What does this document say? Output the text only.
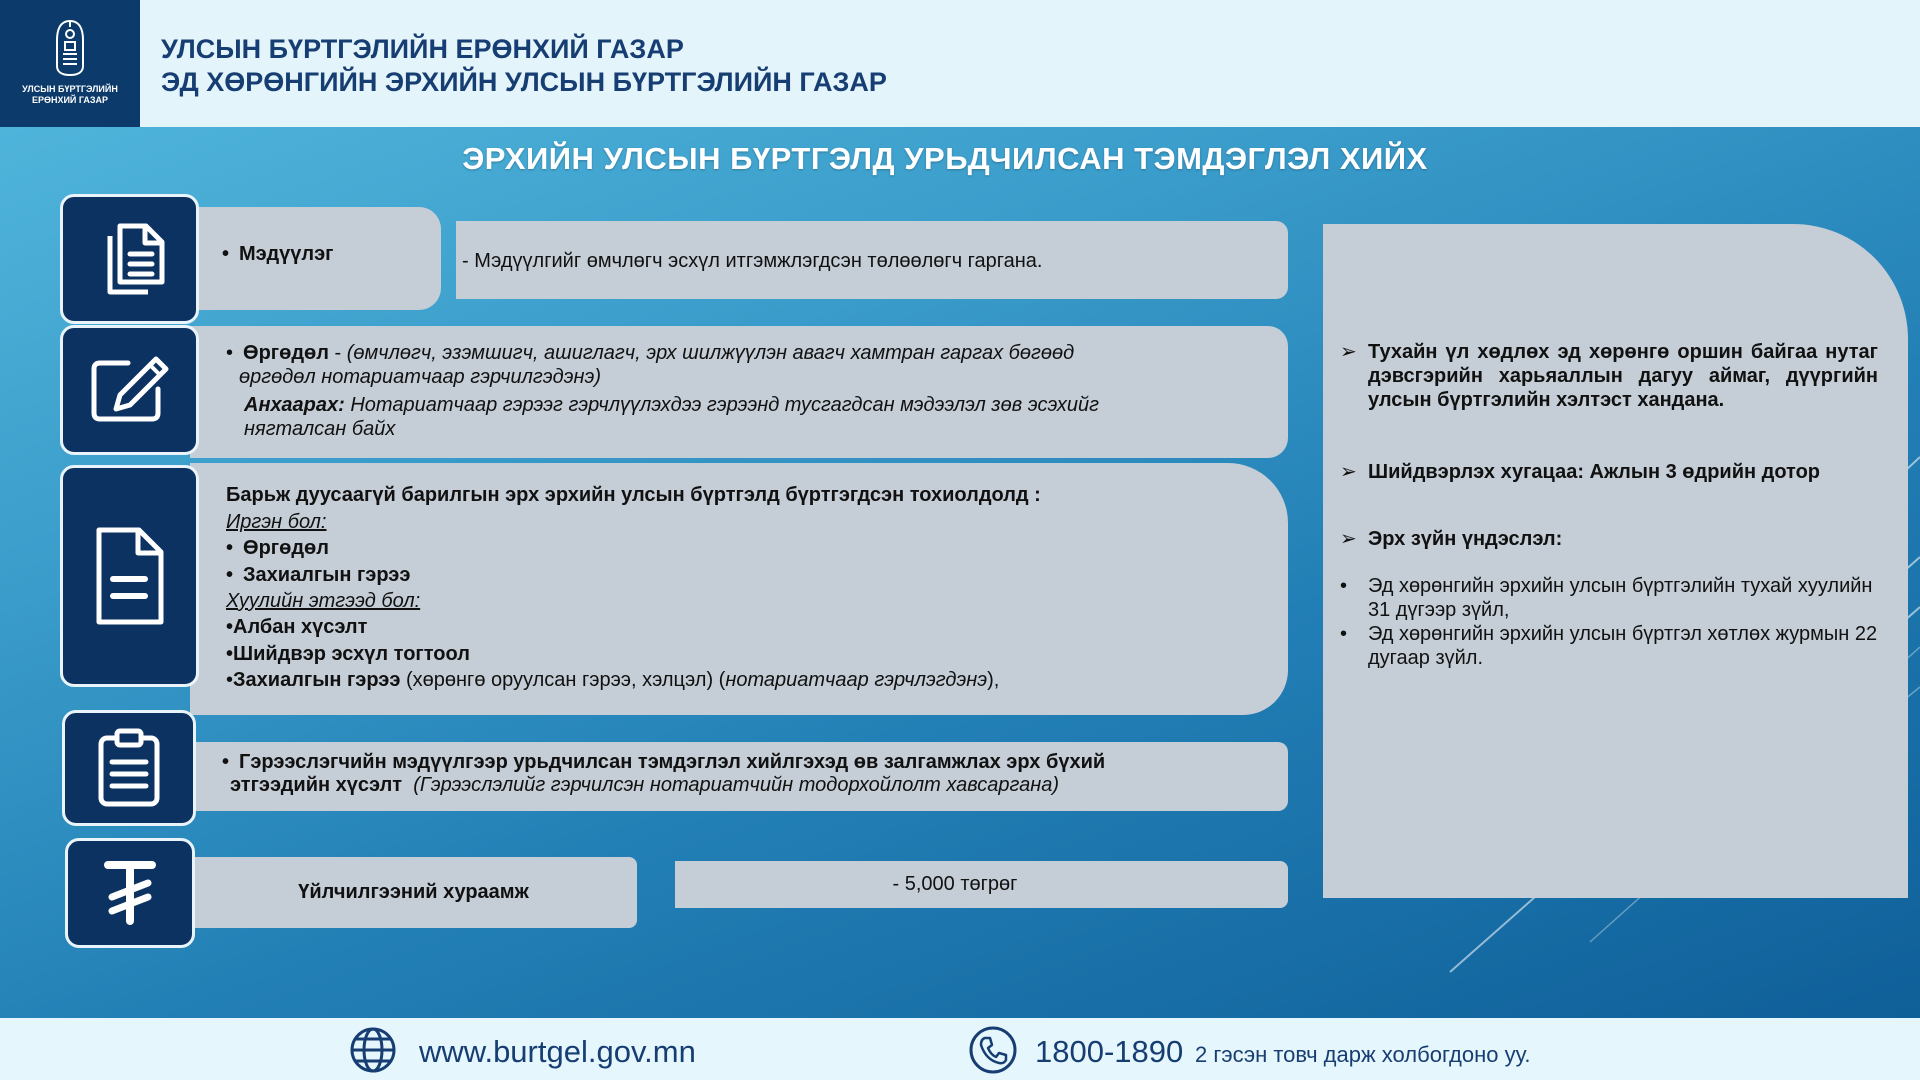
УЛСЫН БҮРТГЭЛИЙН
ЕРӨНХИЙ ГАЗАР
УЛСЫН БҮРТГЭЛИЙН ЕРӨНХИЙ ГАЗАР
ЭД ХӨРӨНГИЙН ЭРХИЙН УЛСЫН БҮРТГЭЛИЙН ГАЗАР
ЭРХИЙН УЛСЫН БҮРТГЭЛД УРЬДЧИЛСАН ТЭМДЭГЛЭЛ ХИЙХ
• Мэдүүлэг	- Мэдүүлгийг өмчлөгч эсхүл итгэмжлэгдсэн төлөөлөгч гаргана.
• Өргөдөл - (өмчлөгч, эзэмшигч, ашиглагч, эрх шилжүүлэн авагч хамтран гаргах бөгөөд
өргөдөл нотариатчаар гэрчилгэдэнэ)
Анхаарах: Нотариатчаар гэрээг гэрчлүүлэхдээ гэрээнд тусгагдсан мэдээлэл зөв эсэхийг
нягталсан байх
Барьж дуусаагүй барилгын эрх эрхийн улсын бүртгэлд бүртгэгдсэн тохиолдолд :
Иргэн бол:
• Өргөдөл
• Захиалгын гэрээ
Хуулийн этгээд бол:
•Албан хүсэлт
•Шийдвэр эсхүл тогтоол
•Захиалгын гэрээ (хөрөнгө оруулсан гэрээ, хэлцэл) (нотариатчаар гэрчлэгдэнэ),
• Гэрээслэгчийн мэдүүлгээр урьдчилсан тэмдэглэл хийлгэхэд өв залгамжлах эрх бүхий
этгээдийн хүсэлт (Гэрээслэлийг гэрчилсэн нотариатчийн тодорхойлолт хавсаргана)
Үйлчилгээний хураамж	- 5,000 төгрөг
➢ Тухайн үл хөдлөх эд хөрөнгө оршин байгаа нутаг дэвсгэрийн харьяаллын дагуу аймаг, дүүргийн улсын бүртгэлийн хэлтэст хандана.
➢ Шийдвэрлэх хугацаа: Ажлын 3 өдрийн дотор
➢ Эрх зүйн үндэслэл:
• Эд хөрөнгийн эрхийн улсын бүртгэлийн тухай хуулийн 31 дүгээр зүйл,
• Эд хөрөнгийн эрхийн улсын бүртгэл хөтлөх журмын 22 дугаар зүйл.
www.burtgel.gov.mn	1800-1890 2 гэсэн товч дарж холбогдоно уу.
